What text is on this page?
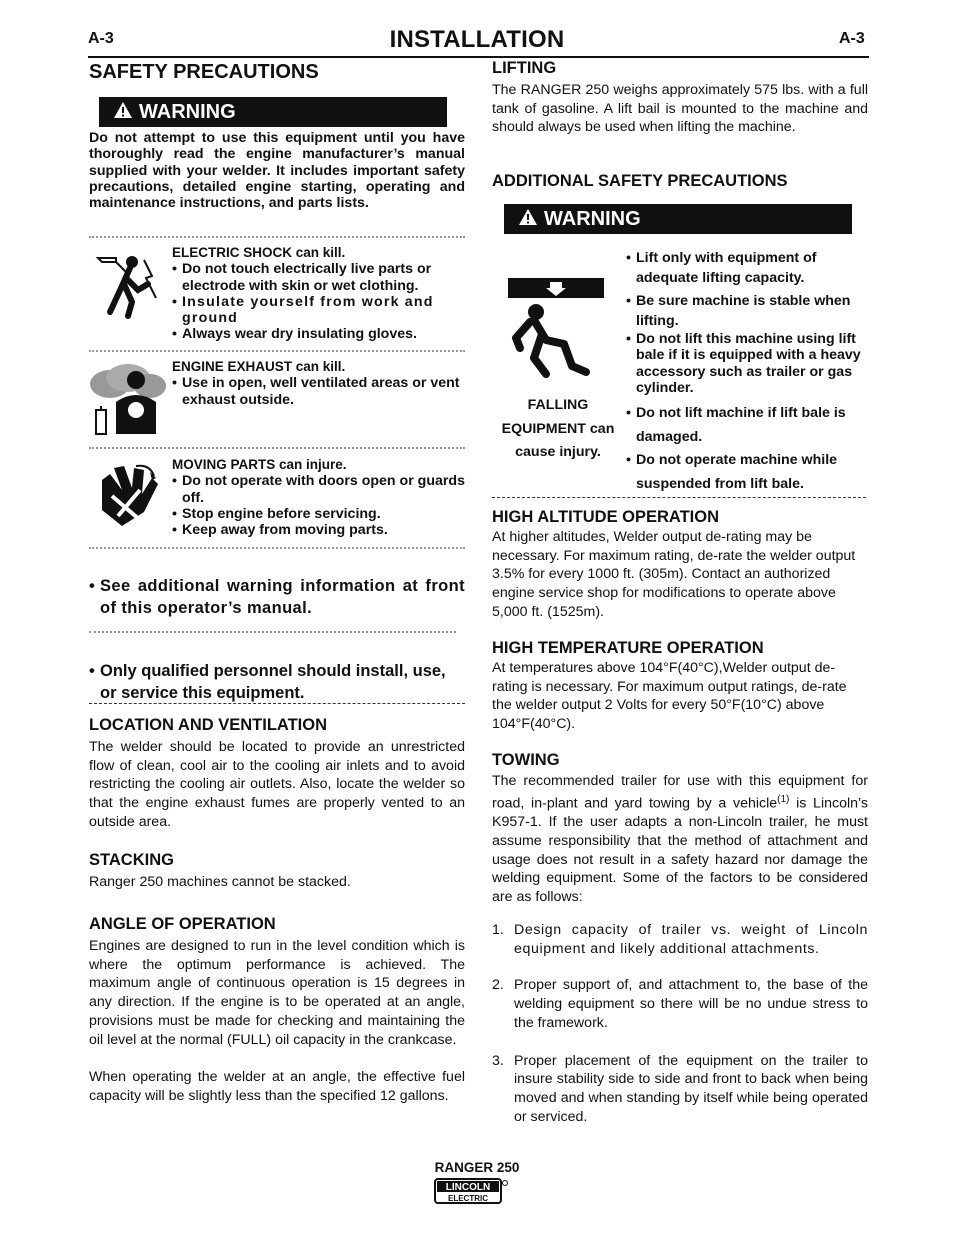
A-3	A-3
INSTALLATION
SAFETY PRECAUTIONS
WARNING
Do not attempt to use this equipment until you have thoroughly read the engine manufacturer’s manual supplied with your welder. It includes important safety precautions, detailed engine starting, operating and maintenance instructions, and parts lists.
ELECTRIC SHOCK can kill.
• Do not touch electrically live parts or electrode with skin or wet clothing.
• Insulate yourself from work and ground
• Always wear dry insulating gloves.
ENGINE EXHAUST can kill.
• Use in open, well ventilated areas or vent exhaust outside.
MOVING PARTS can injure.
• Do not operate with doors open or guards off.
• Stop engine before servicing.
• Keep away from moving parts.
• See additional warning information at front of this operator’s manual.
• Only qualified personnel should install, use, or service this equipment.
LOCATION AND VENTILATION
The welder should be located to provide an unrestricted flow of clean, cool air to the cooling air inlets and to avoid restricting the cooling air outlets. Also, locate the welder so that the engine exhaust fumes are properly vented to an outside area.
STACKING
Ranger 250 machines cannot be stacked.
ANGLE OF OPERATION
Engines are designed to run in the level condition which is where the optimum performance is achieved. The maximum angle of continuous operation is 15 degrees in any direction. If the engine is to be operated at an angle, provisions must be made for checking and maintaining the oil level at the normal (FULL) oil capacity in the crankcase.
When operating the welder at an angle, the effective fuel capacity will be slightly less than the specified 12 gallons.
LIFTING
The RANGER 250 weighs approximately 575 lbs. with a full tank of gasoline. A lift bail is mounted to the machine and should always be used when lifting the machine.
ADDITIONAL SAFETY PRECAUTIONS
WARNING
FALLING
EQUIPMENT can
cause injury.
• Lift only with equipment of adequate lifting capacity.
• Be sure machine is stable when lifting.
• Do not lift this machine using lift bale if it is equipped with a heavy accessory such as trailer or gas cylinder.
• Do not lift machine if lift bale is damaged.
• Do not operate machine while suspended from lift bale.
HIGH ALTITUDE OPERATION
At higher altitudes, Welder output de-rating may be necessary. For maximum rating, de-rate the welder output 3.5% for every 1000 ft. (305m). Contact an authorized engine service shop for modifications to operate above 5,000 ft. (1525m).
HIGH TEMPERATURE OPERATION
At temperatures above 104°F(40°C),Welder output de-rating is necessary. For maximum output ratings, de-rate the welder output 2 Volts for every 50°F(10°C) above 104°F(40°C).
TOWING
The recommended trailer for use with this equipment for road, in-plant and yard towing by a vehicle$^{(1)}$ is Lincoln’s K957-1. If the user adapts a non-Lincoln trailer, he must assume responsibility that the method of attachment and usage does not result in a safety hazard nor damage the welding equipment. Some of the factors to be considered are as follows:
1. Design capacity of trailer vs. weight of Lincoln equipment and likely additional attachments.
2. Proper support of, and attachment to, the base of the welding equipment so there will be no undue stress to the framework.
3. Proper placement of the equipment on the trailer to insure stability side to side and front to back when being moved and when standing by itself while being operated or serviced.
RANGER 250
LINCOLN
ELECTRIC
